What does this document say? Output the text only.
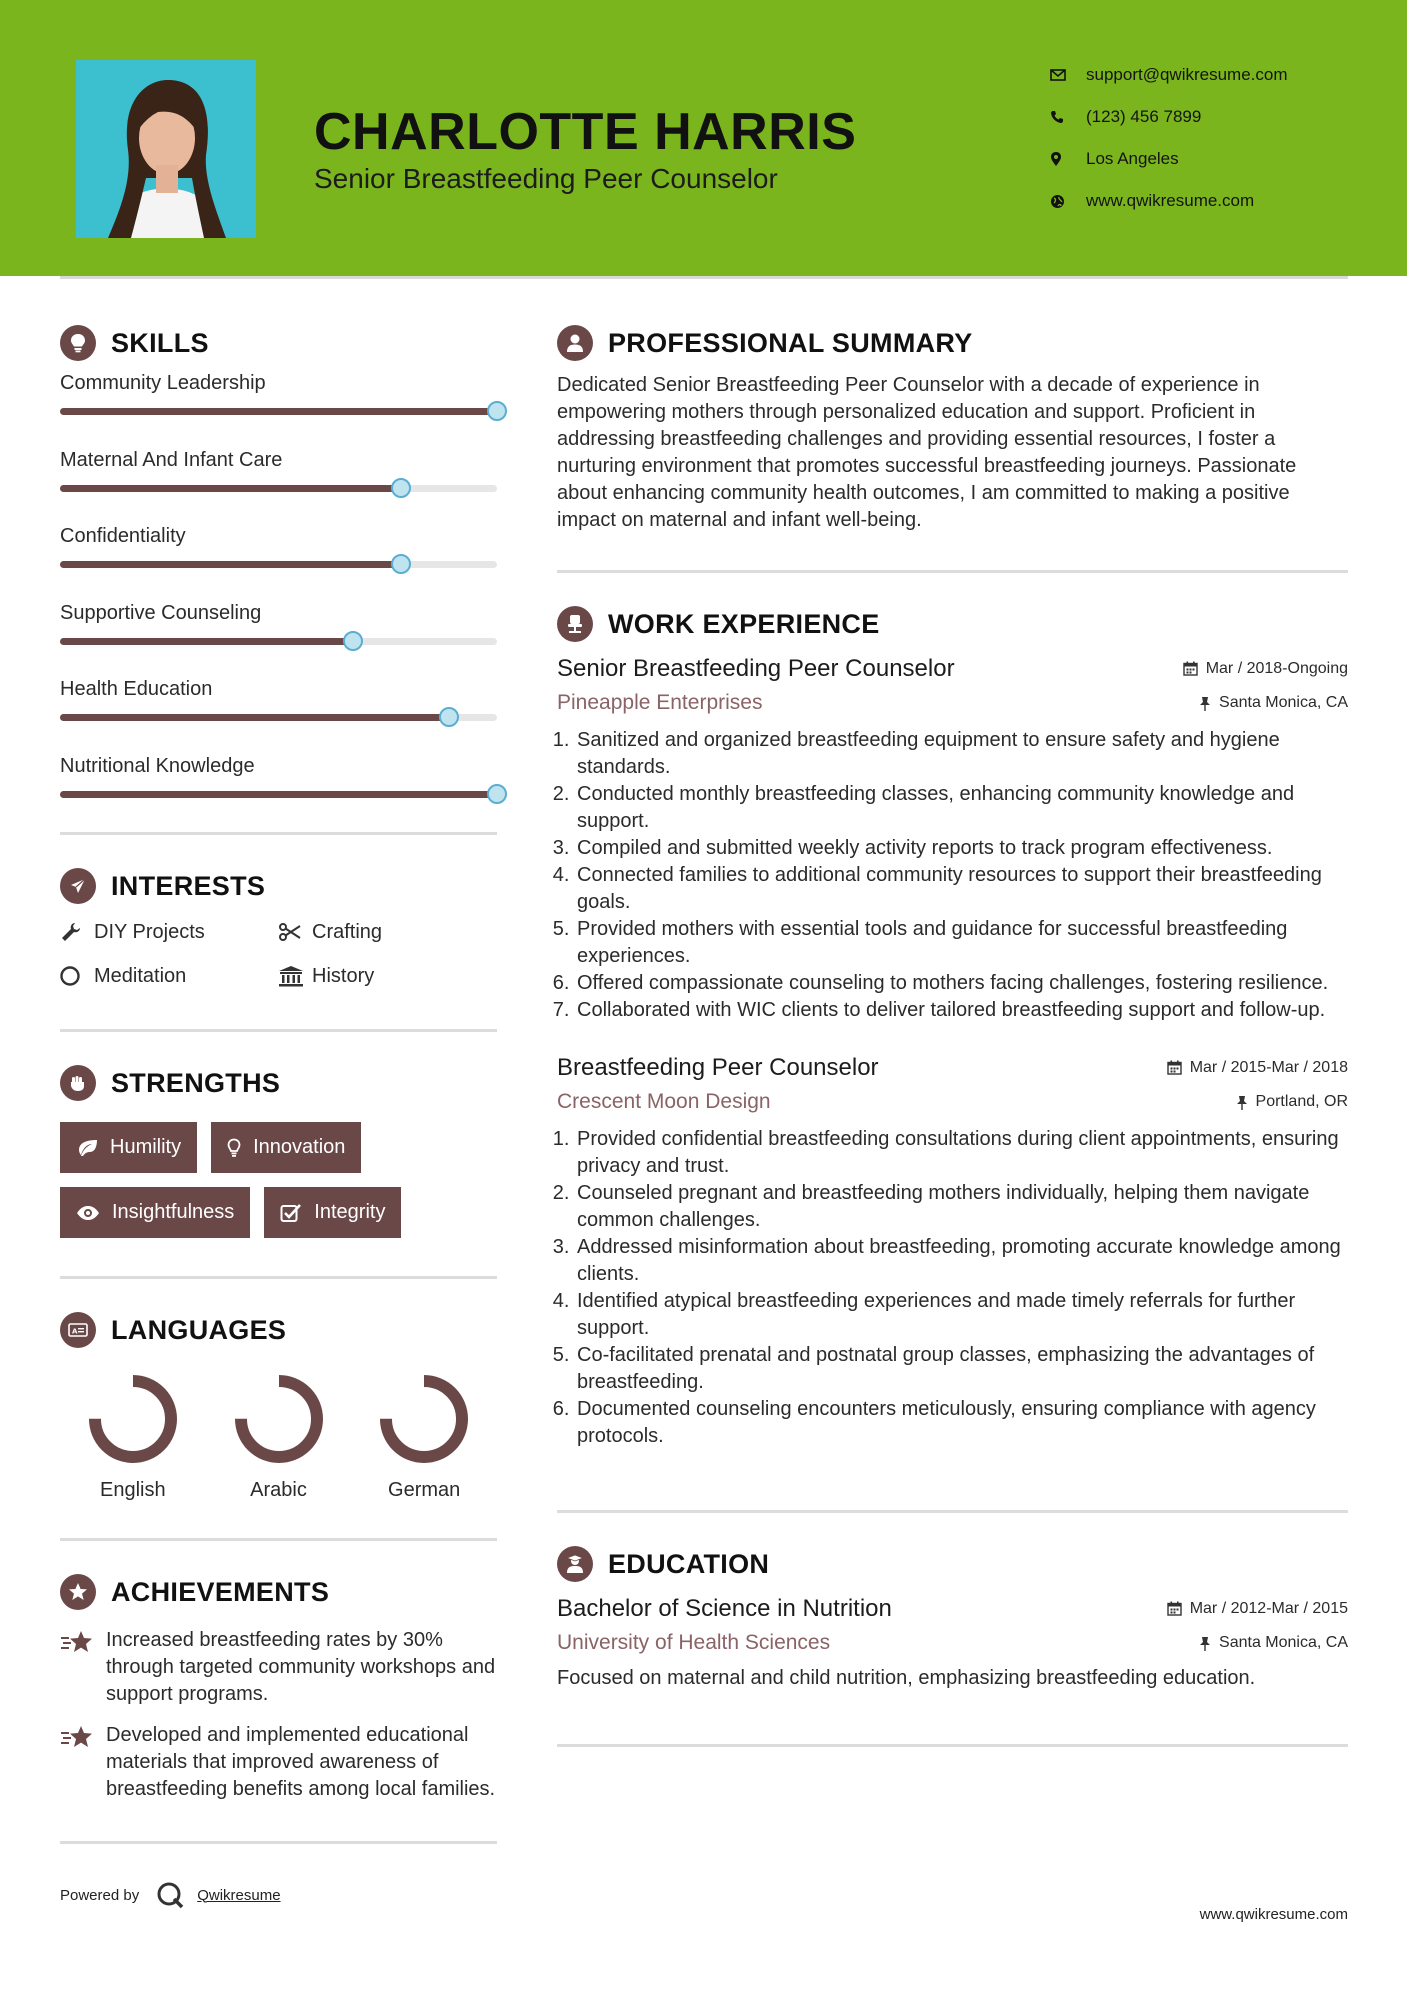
CHARLOTTE HARRIS
Senior Breastfeeding Peer Counselor
support@qwikresume.com
(123) 456 7899
Los Angeles
www.qwikresume.com
SKILLS
Community Leadership
Maternal And Infant Care
Confidentiality
Supportive Counseling
Health Education
Nutritional Knowledge
INTERESTS
DIY Projects	Crafting
Meditation	History
STRENGTHS
Humility	Innovation
Insightfulness	Integrity
A LANGUAGES
English	Arabic	German
ACHIEVEMENTS
Increased breastfeeding rates by 30% through targeted community workshops and support programs.
Developed and implemented educational materials that improved awareness of breastfeeding benefits among local families.
PROFESSIONAL SUMMARY

Dedicated Senior Breastfeeding Peer Counselor with a decade of experience in empowering mothers through personalized education and support. Proficient in addressing breastfeeding challenges and providing essential resources, I foster a nurturing environment that promotes successful breastfeeding journeys. Passionate about enhancing community health outcomes, I am committed to making a positive impact on maternal and infant well-being.

WORK EXPERIENCE
Senior Breastfeeding Peer Counselor	Mar / 2018-Ongoing
Pineapple Enterprises	Santa Monica, CA
1. Sanitized and organized breastfeeding equipment to ensure safety and hygiene standards.
2. Conducted monthly breastfeeding classes, enhancing community knowledge and support.
3. Compiled and submitted weekly activity reports to track program effectiveness.
4. Connected families to additional community resources to support their breastfeeding goals.
5. Provided mothers with essential tools and guidance for successful breastfeeding experiences.
6. Offered compassionate counseling to mothers facing challenges, fostering resilience.
7. Collaborated with WIC clients to deliver tailored breastfeeding support and follow-up.
Breastfeeding Peer Counselor	Mar / 2015-Mar / 2018
Crescent Moon Design	Portland, OR
1. Provided confidential breastfeeding consultations during client appointments, ensuring privacy and trust.
2. Counseled pregnant and breastfeeding mothers individually, helping them navigate common challenges.
3. Addressed misinformation about breastfeeding, promoting accurate knowledge among clients.
4. Identified atypical breastfeeding experiences and made timely referrals for further support.
5. Co-facilitated prenatal and postnatal group classes, emphasizing the advantages of breastfeeding.
6. Documented counseling encounters meticulously, ensuring compliance with agency protocols.
EDUCATION
Bachelor of Science in Nutrition	Mar / 2012-Mar / 2015
University of Health Sciences	Santa Monica, CA

Focused on maternal and child nutrition, emphasizing breastfeeding education.

Powered by	Qwikresume
www.qwikresume.com
